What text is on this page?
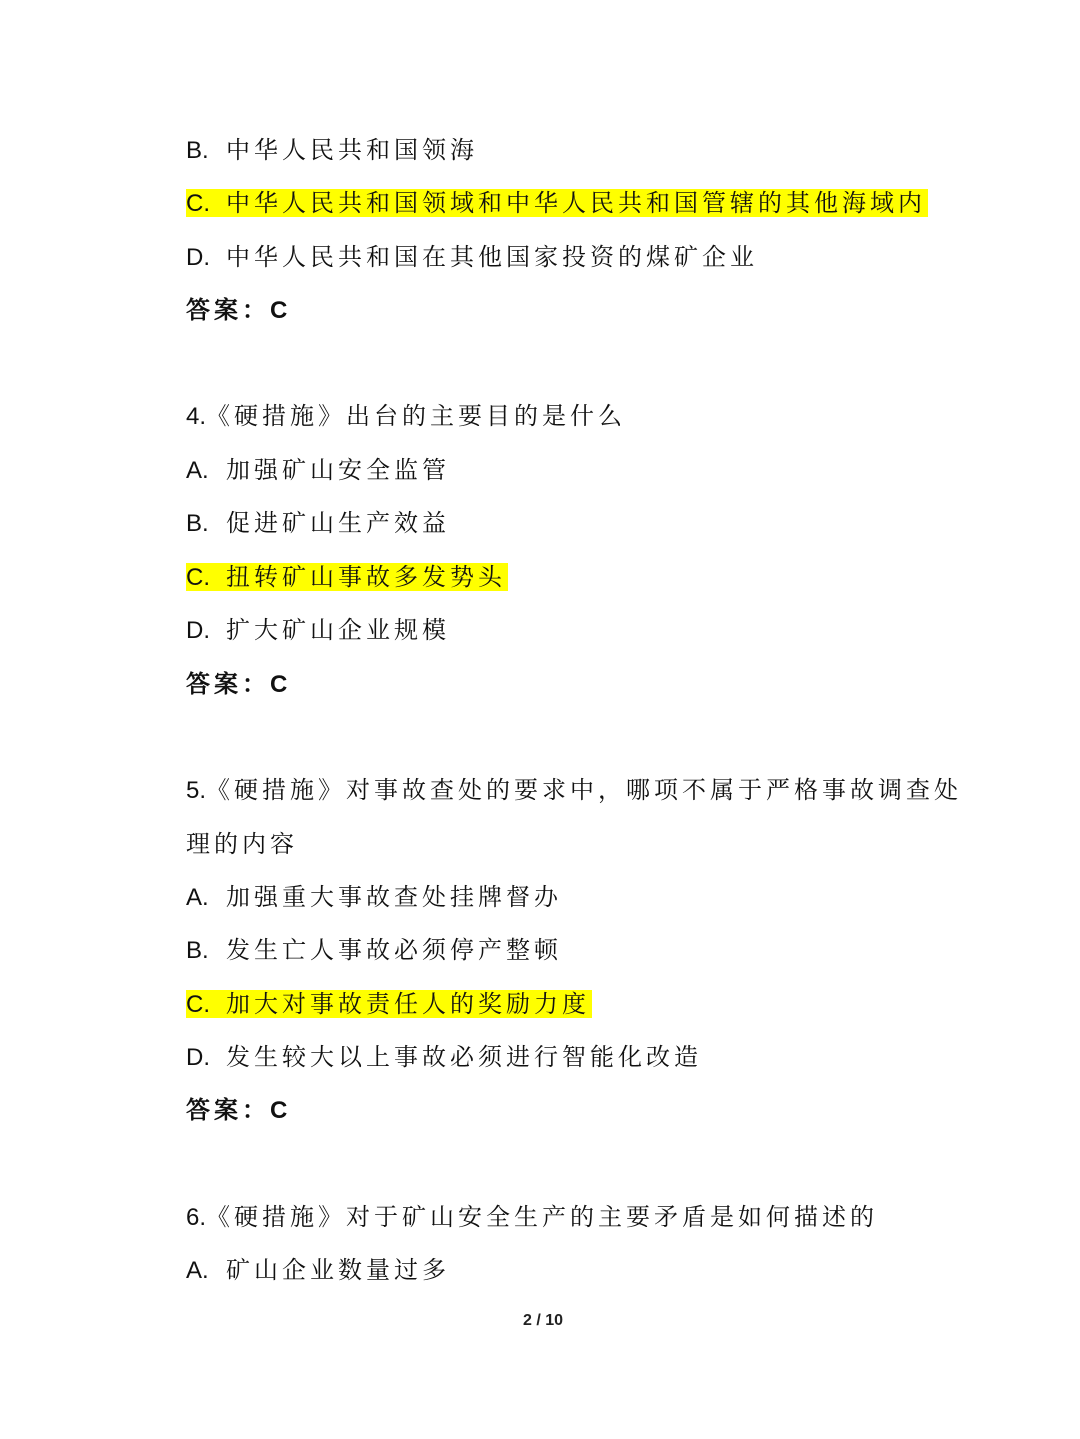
B. 中华人民共和国领海
C. 中华人民共和国领域和中华人民共和国管辖的其他海域内
D. 中华人民共和国在其他国家投资的煤矿企业
答案：C
4.《硬措施》出台的主要目的是什么
A. 加强矿山安全监管
B. 促进矿山生产效益
C. 扭转矿山事故多发势头
D. 扩大矿山企业规模
答案：C
5.《硬措施》对事故查处的要求中，哪项不属于严格事故调查处
理的内容
A. 加强重大事故查处挂牌督办
B. 发生亡人事故必须停产整顿
C. 加大对事故责任人的奖励力度
D. 发生较大以上事故必须进行智能化改造
答案：C
6.《硬措施》对于矿山安全生产的主要矛盾是如何描述的
A. 矿山企业数量过多
2 / 10
